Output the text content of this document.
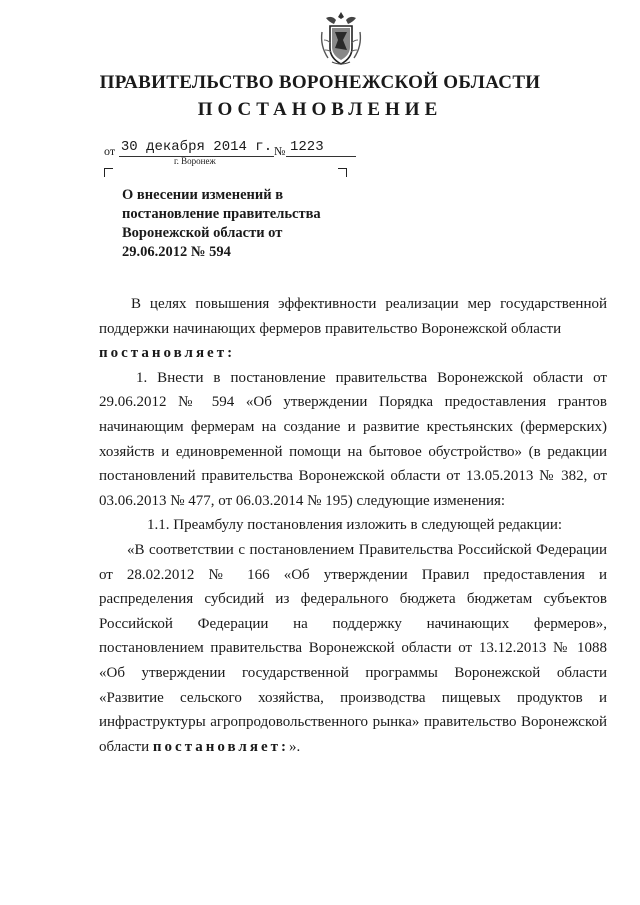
ПРАВИТЕЛЬСТВО ВОРОНЕЖСКОЙ ОБЛАСТИ
ПОСТАНОВЛЕНИЕ
от 30 декабря 2014 г. № 1223
г. Воронеж
О внесении изменений в
постановление правительства
Воронежской области от
29.06.2012 № 594

В целях повышения эффективности реализации мер государственной поддержки начинающих фермеров правительство Воронежской области
постановляет:

1. Внести в постановление правительства Воронежской области от 29.06.2012 № 594 «Об утверждении Порядка предоставления грантов начинающим фермерам на создание и развитие крестьянских (фермерских) хозяйств и единовременной помощи на бытовое обустройство» (в редакции постановлений правительства Воронежской области от 13.05.2013 № 382, от 03.06.2013 № 477, от 06.03.2014 № 195) следующие изменения:

1.1. Преамбулу постановления изложить в следующей редакции:

«В соответствии с постановлением Правительства Российской Федерации от 28.02.2012 № 166 «Об утверждении Правил предоставления и распределения субсидий из федерального бюджета бюджетам субъектов Российской Федерации на поддержку начинающих фермеров», постановлением правительства Воронежской области от 13.12.2013 № 1088 «Об утверждении государственной программы Воронежской области «Развитие сельского хозяйства, производства пищевых продуктов и инфраструктуры агропродовольственного рынка» правительство Воронежской области постановляет:».
